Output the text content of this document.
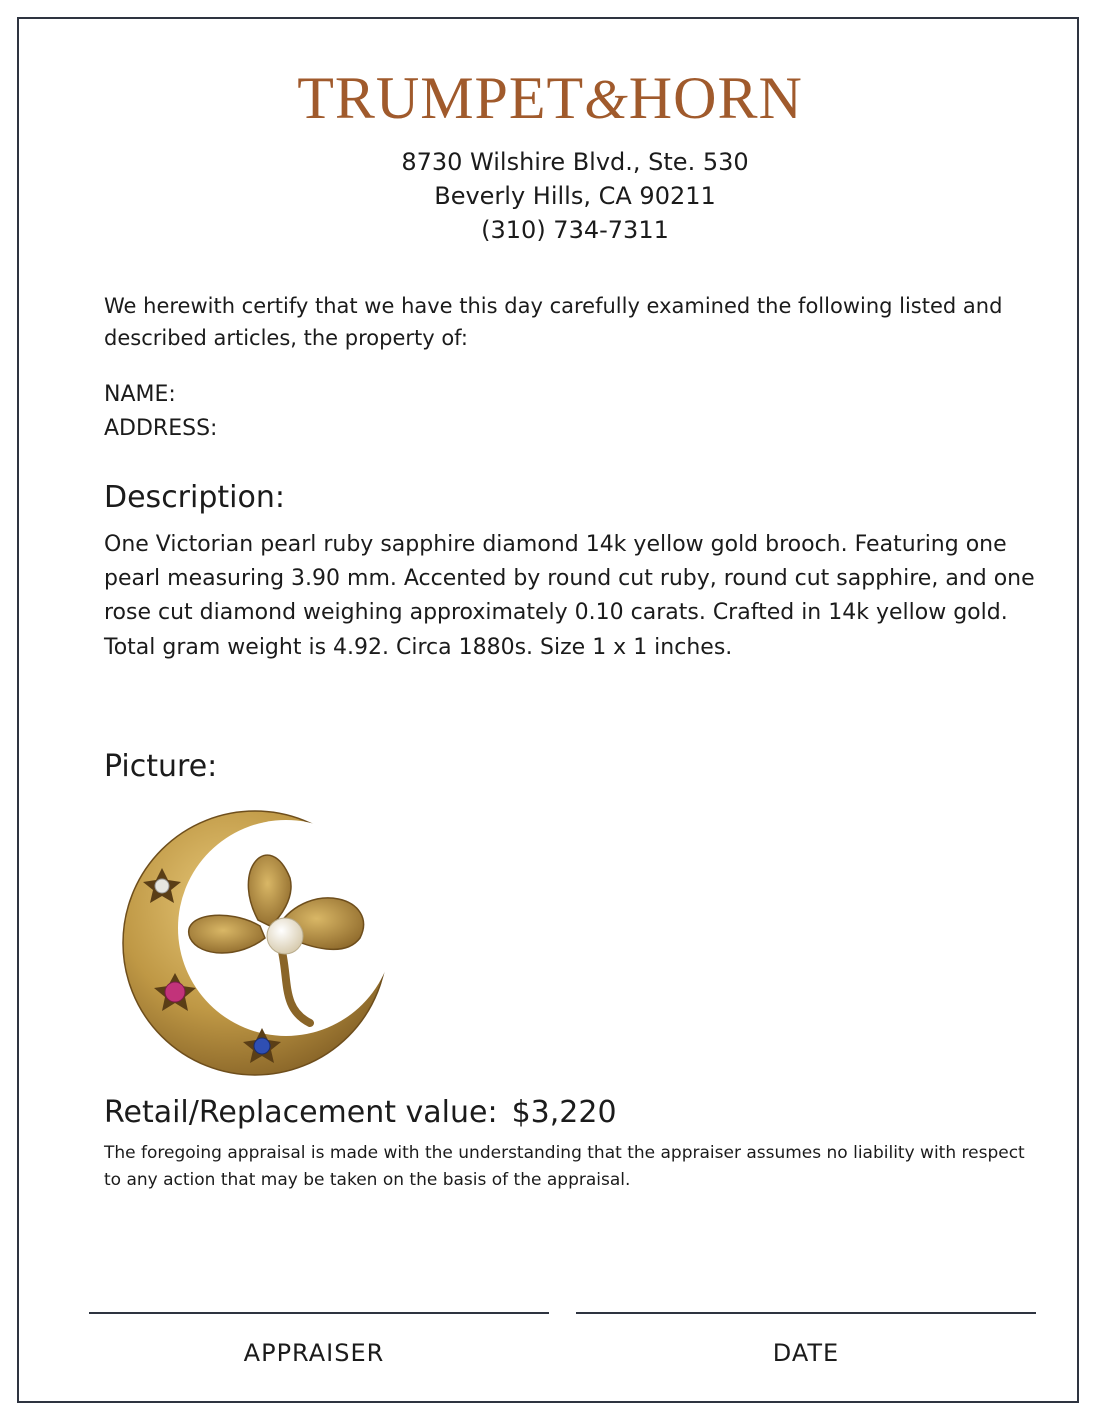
TRUMPET&HORN
8730 Wilshire Blvd., Ste. 530
Beverly Hills, CA 90211
(310) 734-7311
We herewith certify that we have this day carefully examined the following listed and described articles, the property of:
NAME:
ADDRESS:
Description:
One Victorian pearl ruby sapphire diamond 14k yellow gold brooch. Featuring one pearl measuring 3.90 mm. Accented by round cut ruby, round cut sapphire, and one rose cut diamond weighing approximately 0.10 carats. Crafted in 14k yellow gold. Total gram weight is 4.92. Circa 1880s. Size 1 x 1 inches.
Picture:
Retail/Replacement value: $3,220
The foregoing appraisal is made with the understanding that the appraiser assumes no liability with respect to any action that may be taken on the basis of the appraisal.
APPRAISER	DATE
